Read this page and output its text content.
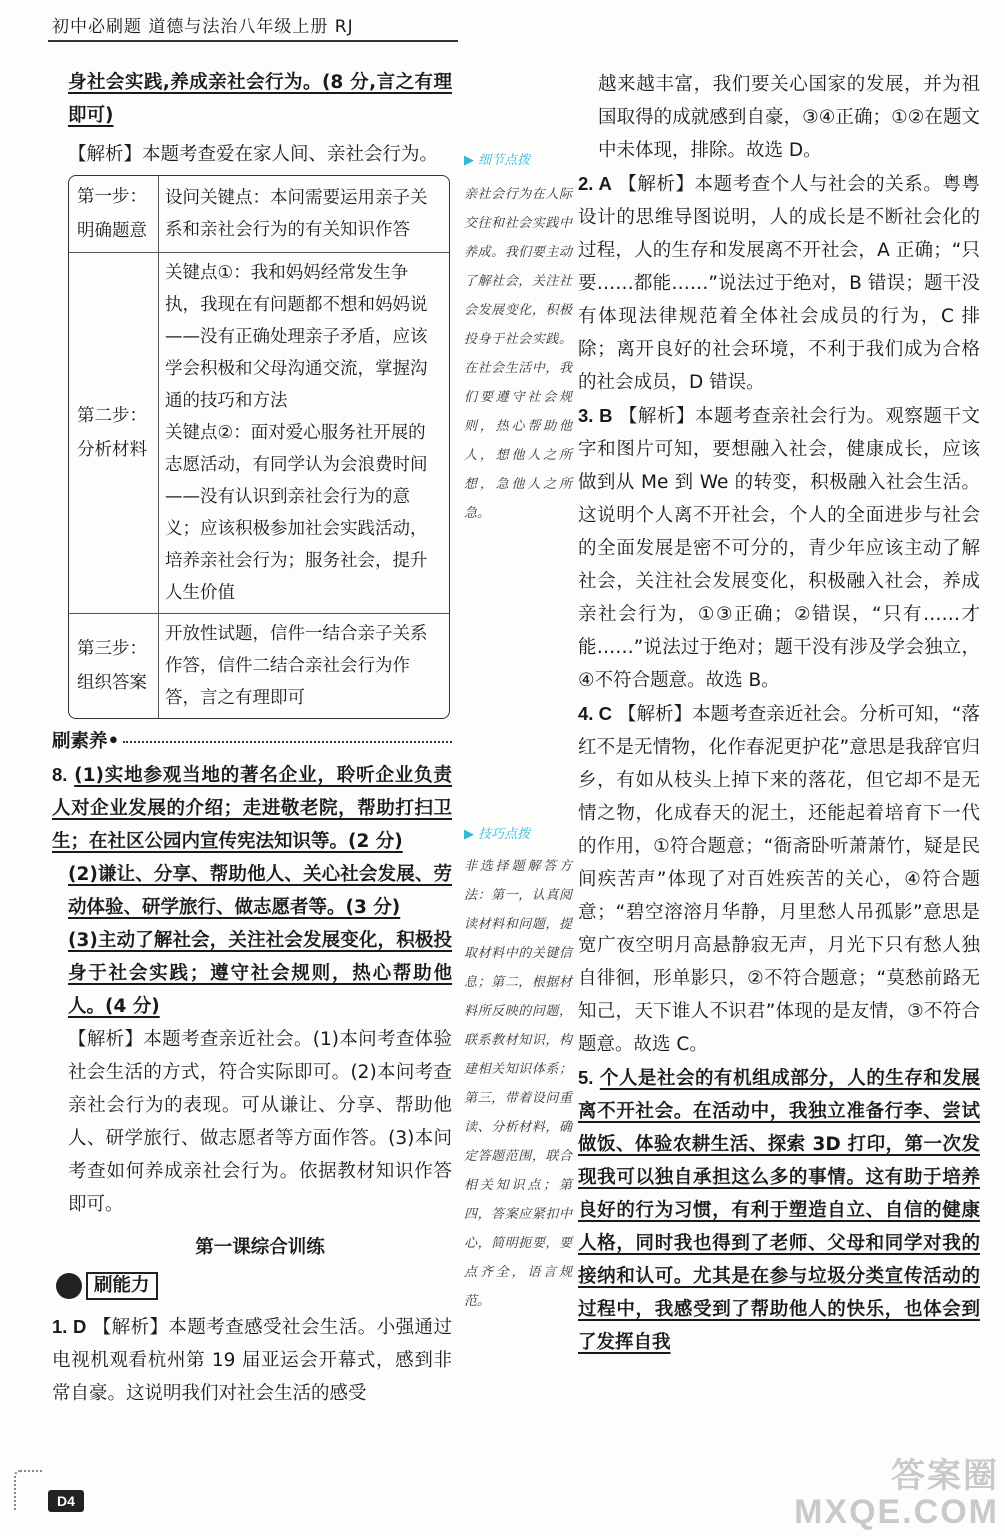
初中必刷题 道德与法治八年级上册 RJ

身社会实践,养成亲社会行为。(8 分,言之有理即可)

【解析】本题考查爱在家人间、亲社会行为。

第一步：明确题意	设问关键点：本问需要运用亲子关系和亲社会行为的有关知识作答
第二步：分析材料	关键点①：我和妈妈经常发生争执，我现在有问题都不想和妈妈说——没有正确处理亲子矛盾，应该学会积极和父母沟通交流，掌握沟通的技巧和方法
关键点②：面对爱心服务社开展的志愿活动，有同学认为会浪费时间——没有认识到亲社会行为的意义；应该积极参加社会实践活动，培养亲社会行为；服务社会，提升人生价值

第三步：组织答案	开放性试题，信件一结合亲子关系作答，信件二结合亲社会行为作答，言之有理即可
刷素养•

8. (1)实地参观当地的著名企业，聆听企业负责人对企业发展的介绍；走进敬老院，帮助打扫卫生；在社区公园内宣传宪法知识等。(2 分)

(2)谦让、分享、帮助他人、关心社会发展、劳动体验、研学旅行、做志愿者等。(3 分)

(3)主动了解社会，关注社会发展变化，积极投身于社会实践；遵守社会规则，热心帮助他人。(4 分)

【解析】本题考查亲近社会。(1)本问考查体验社会生活的方式，符合实际即可。(2)本问考查亲社会行为的表现。可从谦让、分享、帮助他人、研学旅行、做志愿者等方面作答。(3)本问考查如何养成亲社会行为。依据教材知识作答即可。

第一课综合训练
刷能力

1. D 【解析】本题考查感受社会生活。小强通过电视机观看杭州第 19 届亚运会开幕式，感到非常自豪。这说明我们对社会生活的感受

▶ 细节点拨

亲社会行为在人际交往和社会实践中养成。我们要主动了解社会，关注社会发展变化，积极投身于社会实践。在社会生活中，我们要遵守社会规则，热心帮助他人，想他人之所想，急他人之所急。

▶ 技巧点拨

非选择题解答方法：第一，认真阅读材料和问题，提取材料中的关键信息；第二，根据材料所反映的问题，联系教材知识，构建相关知识体系；第三，带着设问重读、分析材料，确定答题范围，联合相关知识点；第四，答案应紧扣中心，简明扼要，要点齐全，语言规范。

越来越丰富，我们要关心国家的发展，并为祖国取得的成就感到自豪，③④正确；①②在题文中未体现，排除。故选 D。

2. A 【解析】本题考查个人与社会的关系。粤粤设计的思维导图说明，人的成长是不断社会化的过程，人的生存和发展离不开社会，A 正确；“只要……都能……”说法过于绝对，B 错误；题干没有体现法律规范着全体社会成员的行为，C 排除；离开良好的社会环境，不利于我们成为合格的社会成员，D 错误。

3. B 【解析】本题考查亲社会行为。观察题干文字和图片可知，要想融入社会，健康成长，应该做到从 Me 到 We 的转变，积极融入社会生活。这说明个人离不开社会，个人的全面进步与社会的全面发展是密不可分的，青少年应该主动了解社会，关注社会发展变化，积极融入社会，养成亲社会行为，①③正确；②错误，“只有……才能……”说法过于绝对；题干没有涉及学会独立，④不符合题意。故选 B。

4. C 【解析】本题考查亲近社会。分析可知，“落红不是无情物，化作春泥更护花”意思是我辞官归乡，有如从枝头上掉下来的落花，但它却不是无情之物，化成春天的泥土，还能起着培育下一代的作用，①符合题意；“衙斋卧听萧萧竹，疑是民间疾苦声”体现了对百姓疾苦的关心，④符合题意；“碧空溶溶月华静，月里愁人吊孤影”意思是宽广夜空明月高悬静寂无声，月光下只有愁人独自徘徊，形单影只，②不符合题意；“莫愁前路无知己，天下谁人不识君”体现的是友情，③不符合题意。故选 C。

5. 个人是社会的有机组成部分，人的生存和发展离不开社会。在活动中，我独立准备行李、尝试做饭、体验农耕生活、探索 3D 打印，第一次发现我可以独自承担这么多的事情。这有助于培养良好的行为习惯，有利于塑造自立、自信的健康人格，同时我也得到了老师、父母和同学对我的接纳和认可。尤其是在参与垃圾分类宣传活动的过程中，我感受到了帮助他人的快乐，也体会到了发挥自我

D4
答案圈
MXQE.COM
